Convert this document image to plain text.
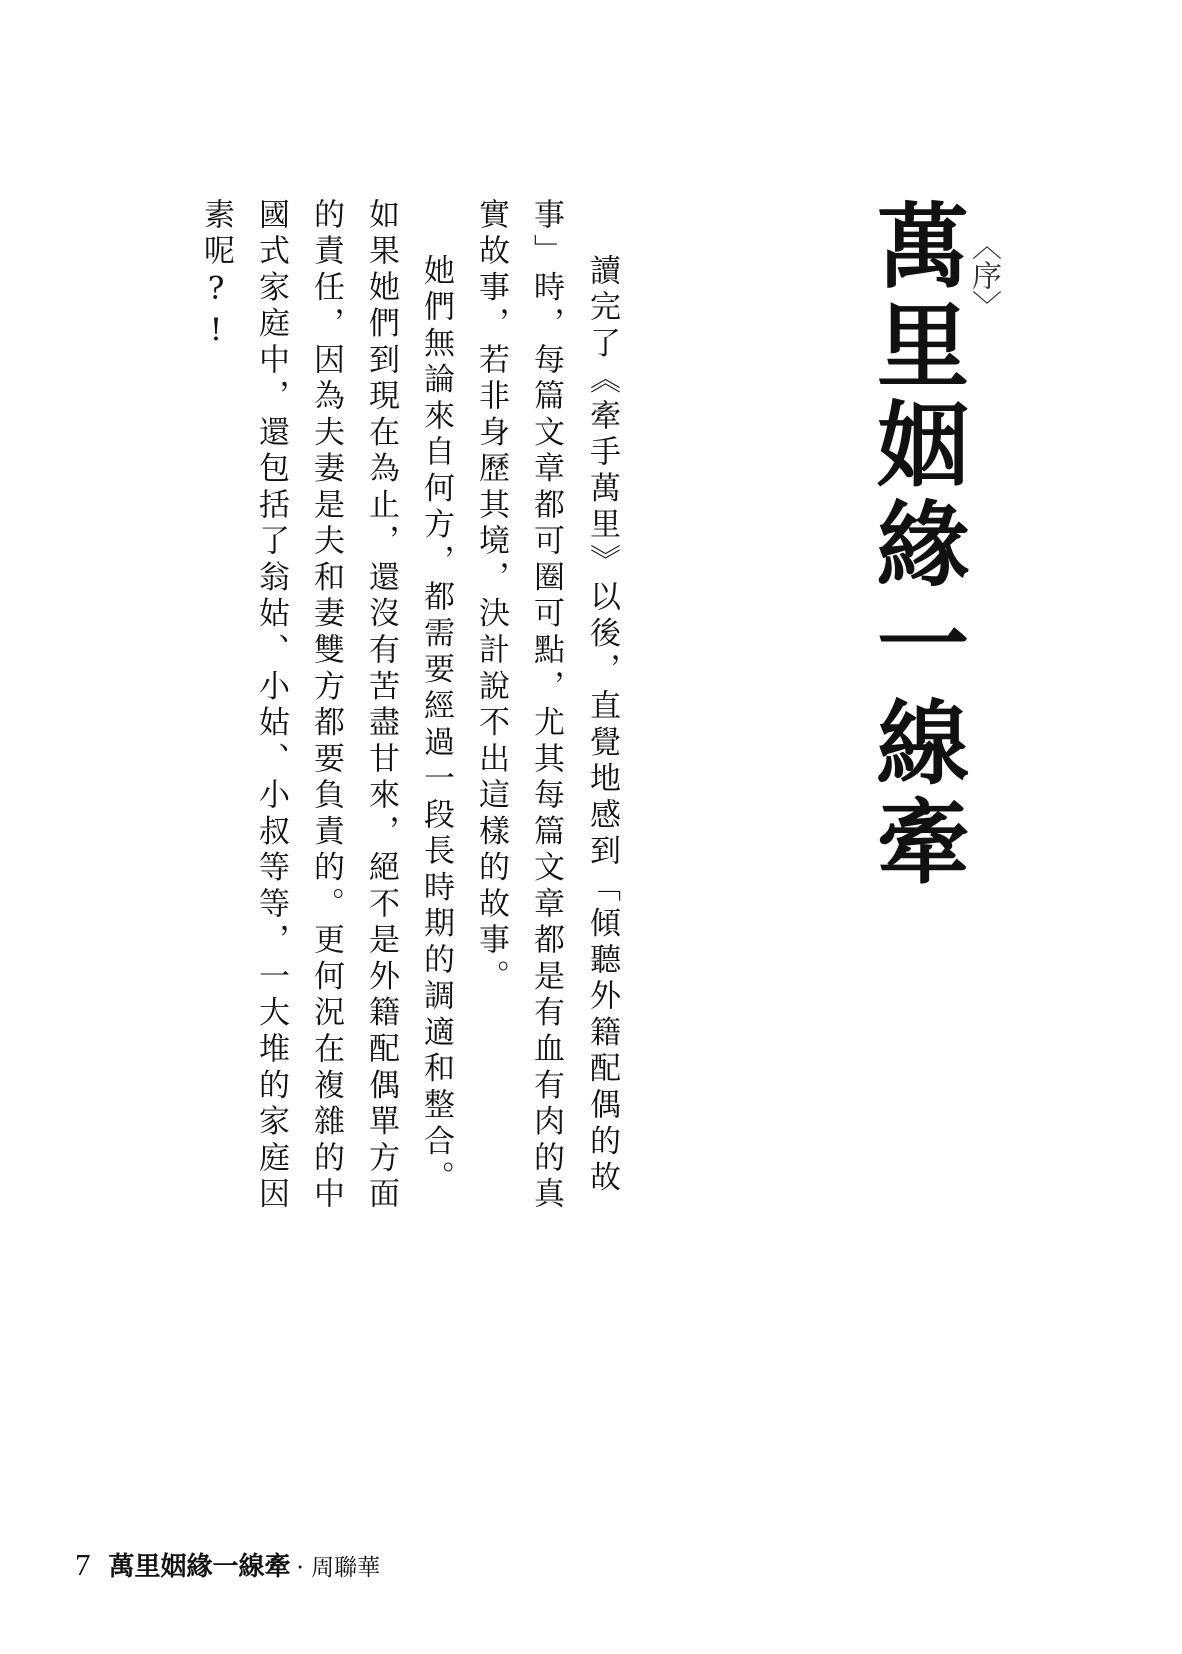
〈序〉
萬里姻緣一線牽
讀完了《牽手萬里》以後，直覺地感到「傾聽外籍配偶的故
事」時，每篇文章都可圈可點，尤其每篇文章都是有血有肉的真
實故事，若非身歷其境，決計說不出這樣的故事。
她們無論來自何方，都需要經過一段長時期的調適和整合。
如果她們到現在為止，還沒有苦盡甘來，絕不是外籍配偶單方面
的責任，因為夫妻是夫和妻雙方都要負責的。更何況在複雜的中
國式家庭中，還包括了翁姑、小姑、小叔等等，一大堆的家庭因
素呢?!
7 萬里姻緣一線牽 · 周聯華
